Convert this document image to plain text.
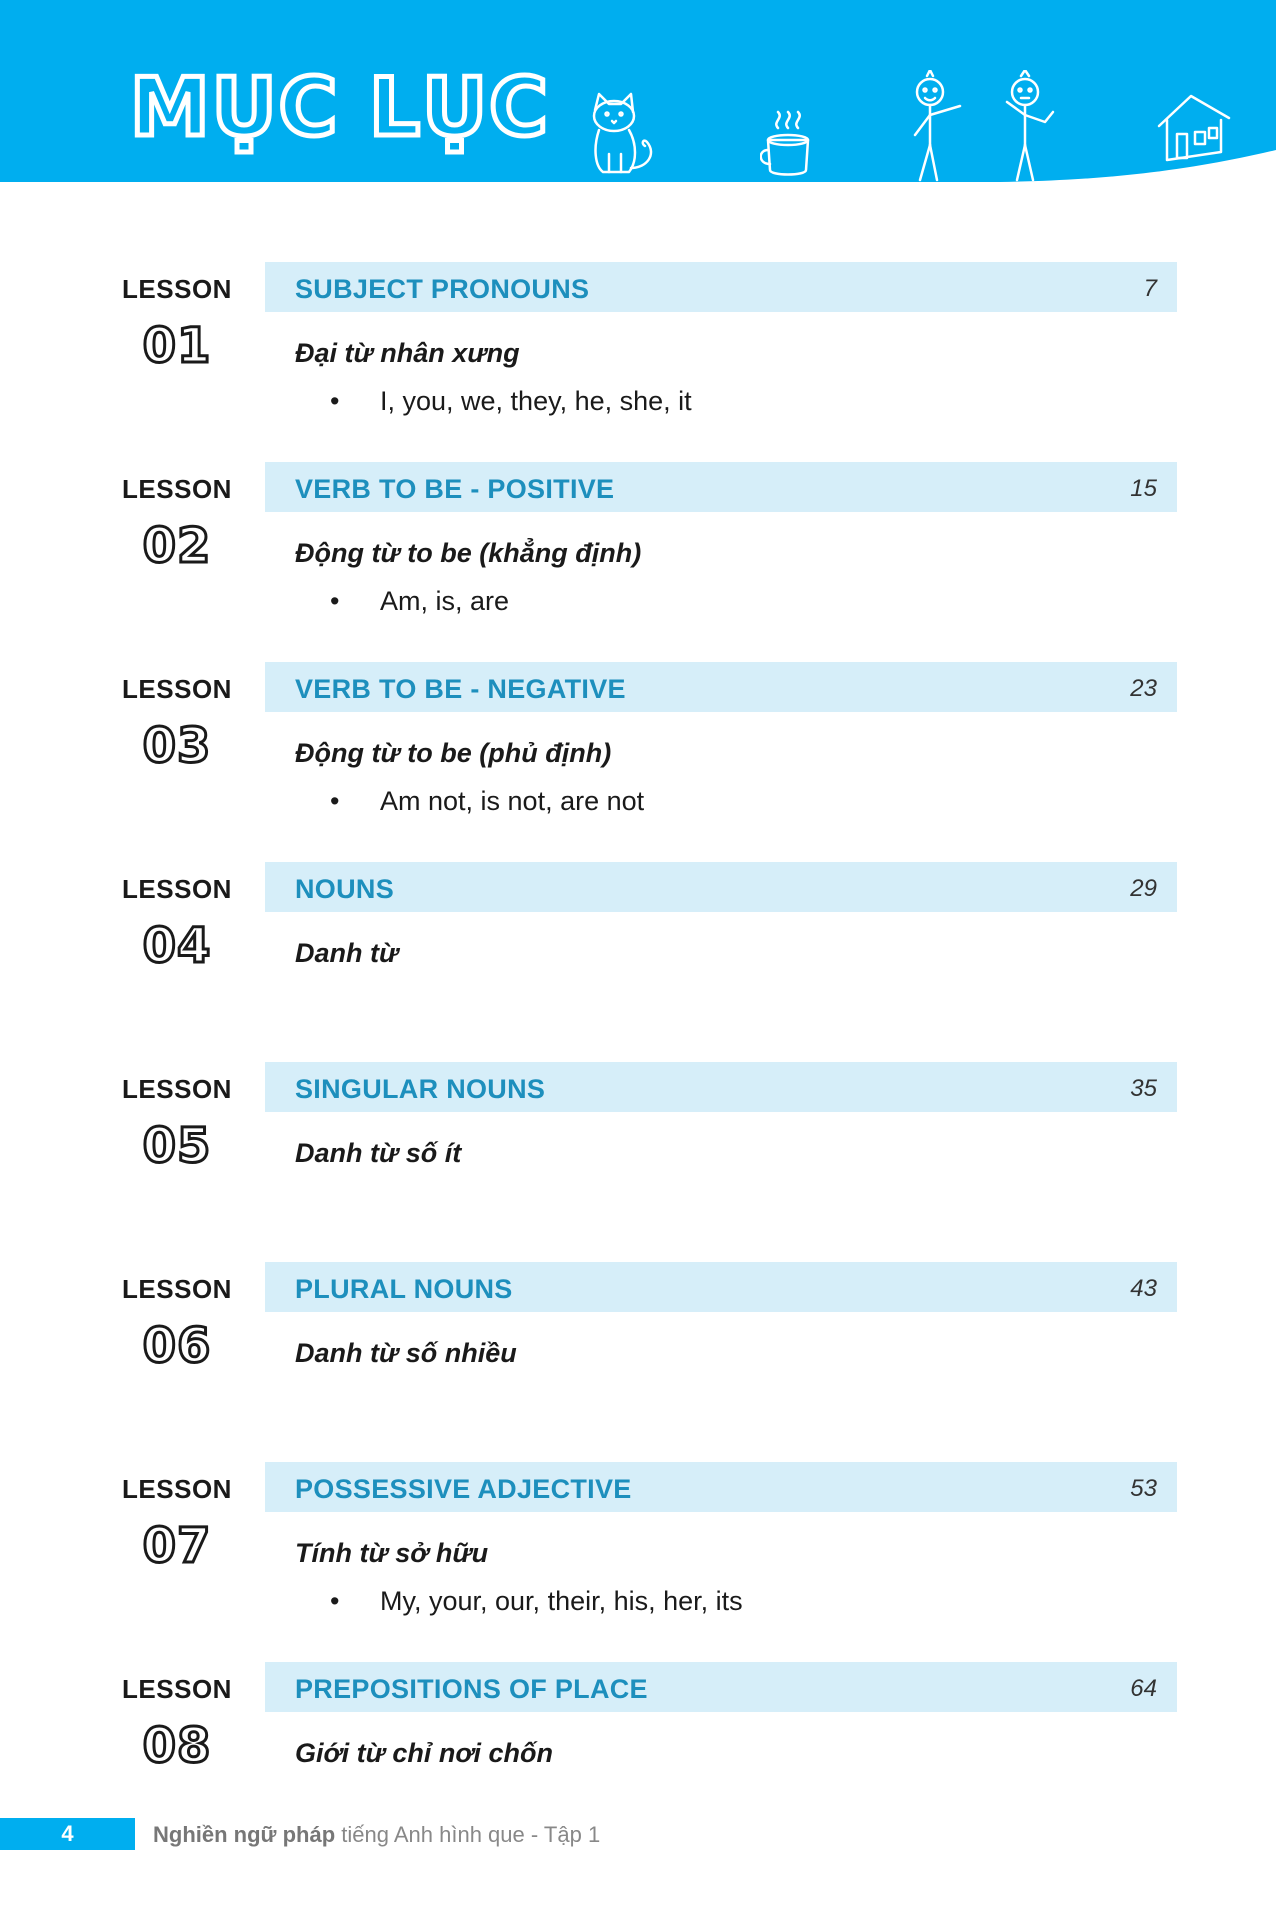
MỤC LỤC
LESSON
01
SUBJECT PRONOUNS	7
Đại từ nhân xưng
• I, you, we, they, he, she, it
LESSON
02
VERB TO BE - POSITIVE	15
Động từ to be (khẳng định)
• Am, is, are
LESSON
03
VERB TO BE - NEGATIVE	23
Động từ to be (phủ định)
• Am not, is not, are not
LESSON
04
NOUNS	29
Danh từ
LESSON
05
SINGULAR NOUNS	35
Danh từ số ít
LESSON
06
PLURAL NOUNS	43
Danh từ số nhiều
LESSON
07
POSSESSIVE ADJECTIVE	53
Tính từ sở hữu
• My, your, our, their, his, her, its
LESSON
08
PREPOSITIONS OF PLACE	64
Giới từ chỉ nơi chốn
4	Nghiền ngữ pháp tiếng Anh hình que - Tập 1
